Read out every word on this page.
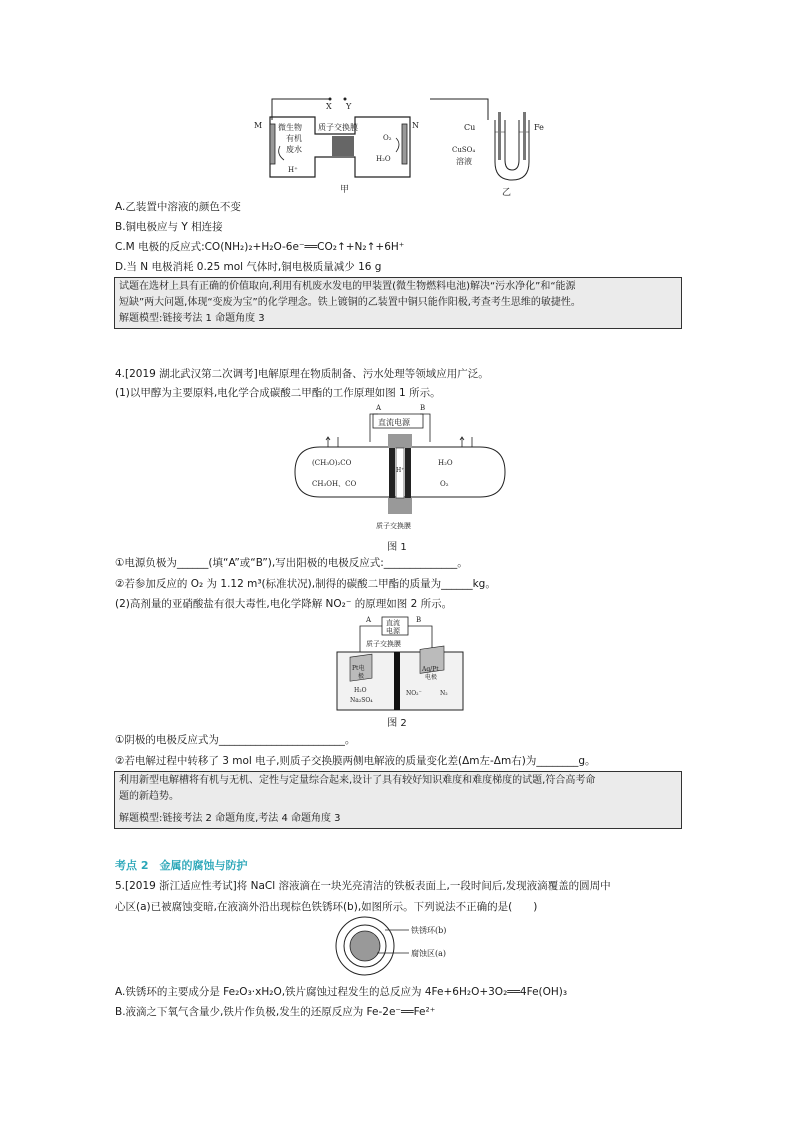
X Y
M	N
微生物
有机
废水
H⁺
质子交换膜
O₂
H₂O
甲
Cu	Fe
CuSO₄
溶液
乙
A.乙装置中溶液的颜色不变
B.铜电极应与 Y 相连接
C.M 电极的反应式:CO(NH₂)₂+H₂O-6e⁻══CO₂↑+N₂↑+6H⁺
D.当 N 电极消耗 0.25 mol 气体时,铜电极质量减少 16 g

试题在选材上具有正确的价值取向,利用有机废水发电的甲装置(微生物燃料电池)解决“污水净化”和“能源

短缺”两大问题,体现“变废为宝”的化学理念。铁上镀铜的乙装置中铜只能作阳极,考查考生思维的敏捷性。

解题模型:链接考法 1 命题角度 3

4.[2019 湖北武汉第二次调考]电解原理在物质制备、污水处理等领域应用广泛。
(1)以甲醇为主要原料,电化学合成碳酸二甲酯的工作原理如图 1 所示。
直流电源
A	B
(CH₃O)₂CO
CH₃OH、CO
H⁺
H₂O
O₂
质子交换膜
图 1
①电源负极为______(填“A”或“B”),写出阳极的电极反应式:______________。
②若参加反应的 O₂ 为 1.12 m³(标准状况),制得的碳酸二甲酯的质量为______kg。
(2)高剂量的亚硝酸盐有很大毒性,电化学降解 NO₂⁻ 的原理如图 2 所示。
直流
电源
A	B
质子交换膜
Pt电
极
Ag/Pt
电极
H₂O
Na₂SO₄
NO₂⁻	N₂
图 2
①阴极的电极反应式为________________________。
②若电解过程中转移了 3 mol 电子,则质子交换膜两侧电解液的质量变化差(Δm左-Δm右)为________g。

利用新型电解槽将有机与无机、定性与定量综合起来,设计了具有较好知识难度和难度梯度的试题,符合高考命

题的新趋势。

解题模型:链接考法 2 命题角度,考法 4 命题角度 3

考点 2　金属的腐蚀与防护
5.[2019 浙江适应性考试]将 NaCl 溶液滴在一块光亮清洁的铁板表面上,一段时间后,发现液滴覆盖的圆周中
心区(a)已被腐蚀变暗,在液滴外沿出现棕色铁锈环(b),如图所示。下列说法不正确的是(　　)
铁锈环(b)
腐蚀区(a)
A.铁锈环的主要成分是 Fe₂O₃·xH₂O,铁片腐蚀过程发生的总反应为 4Fe+6H₂O+3O₂══4Fe(OH)₃
B.液滴之下氧气含量少,铁片作负极,发生的还原反应为 Fe-2e⁻══Fe²⁺
